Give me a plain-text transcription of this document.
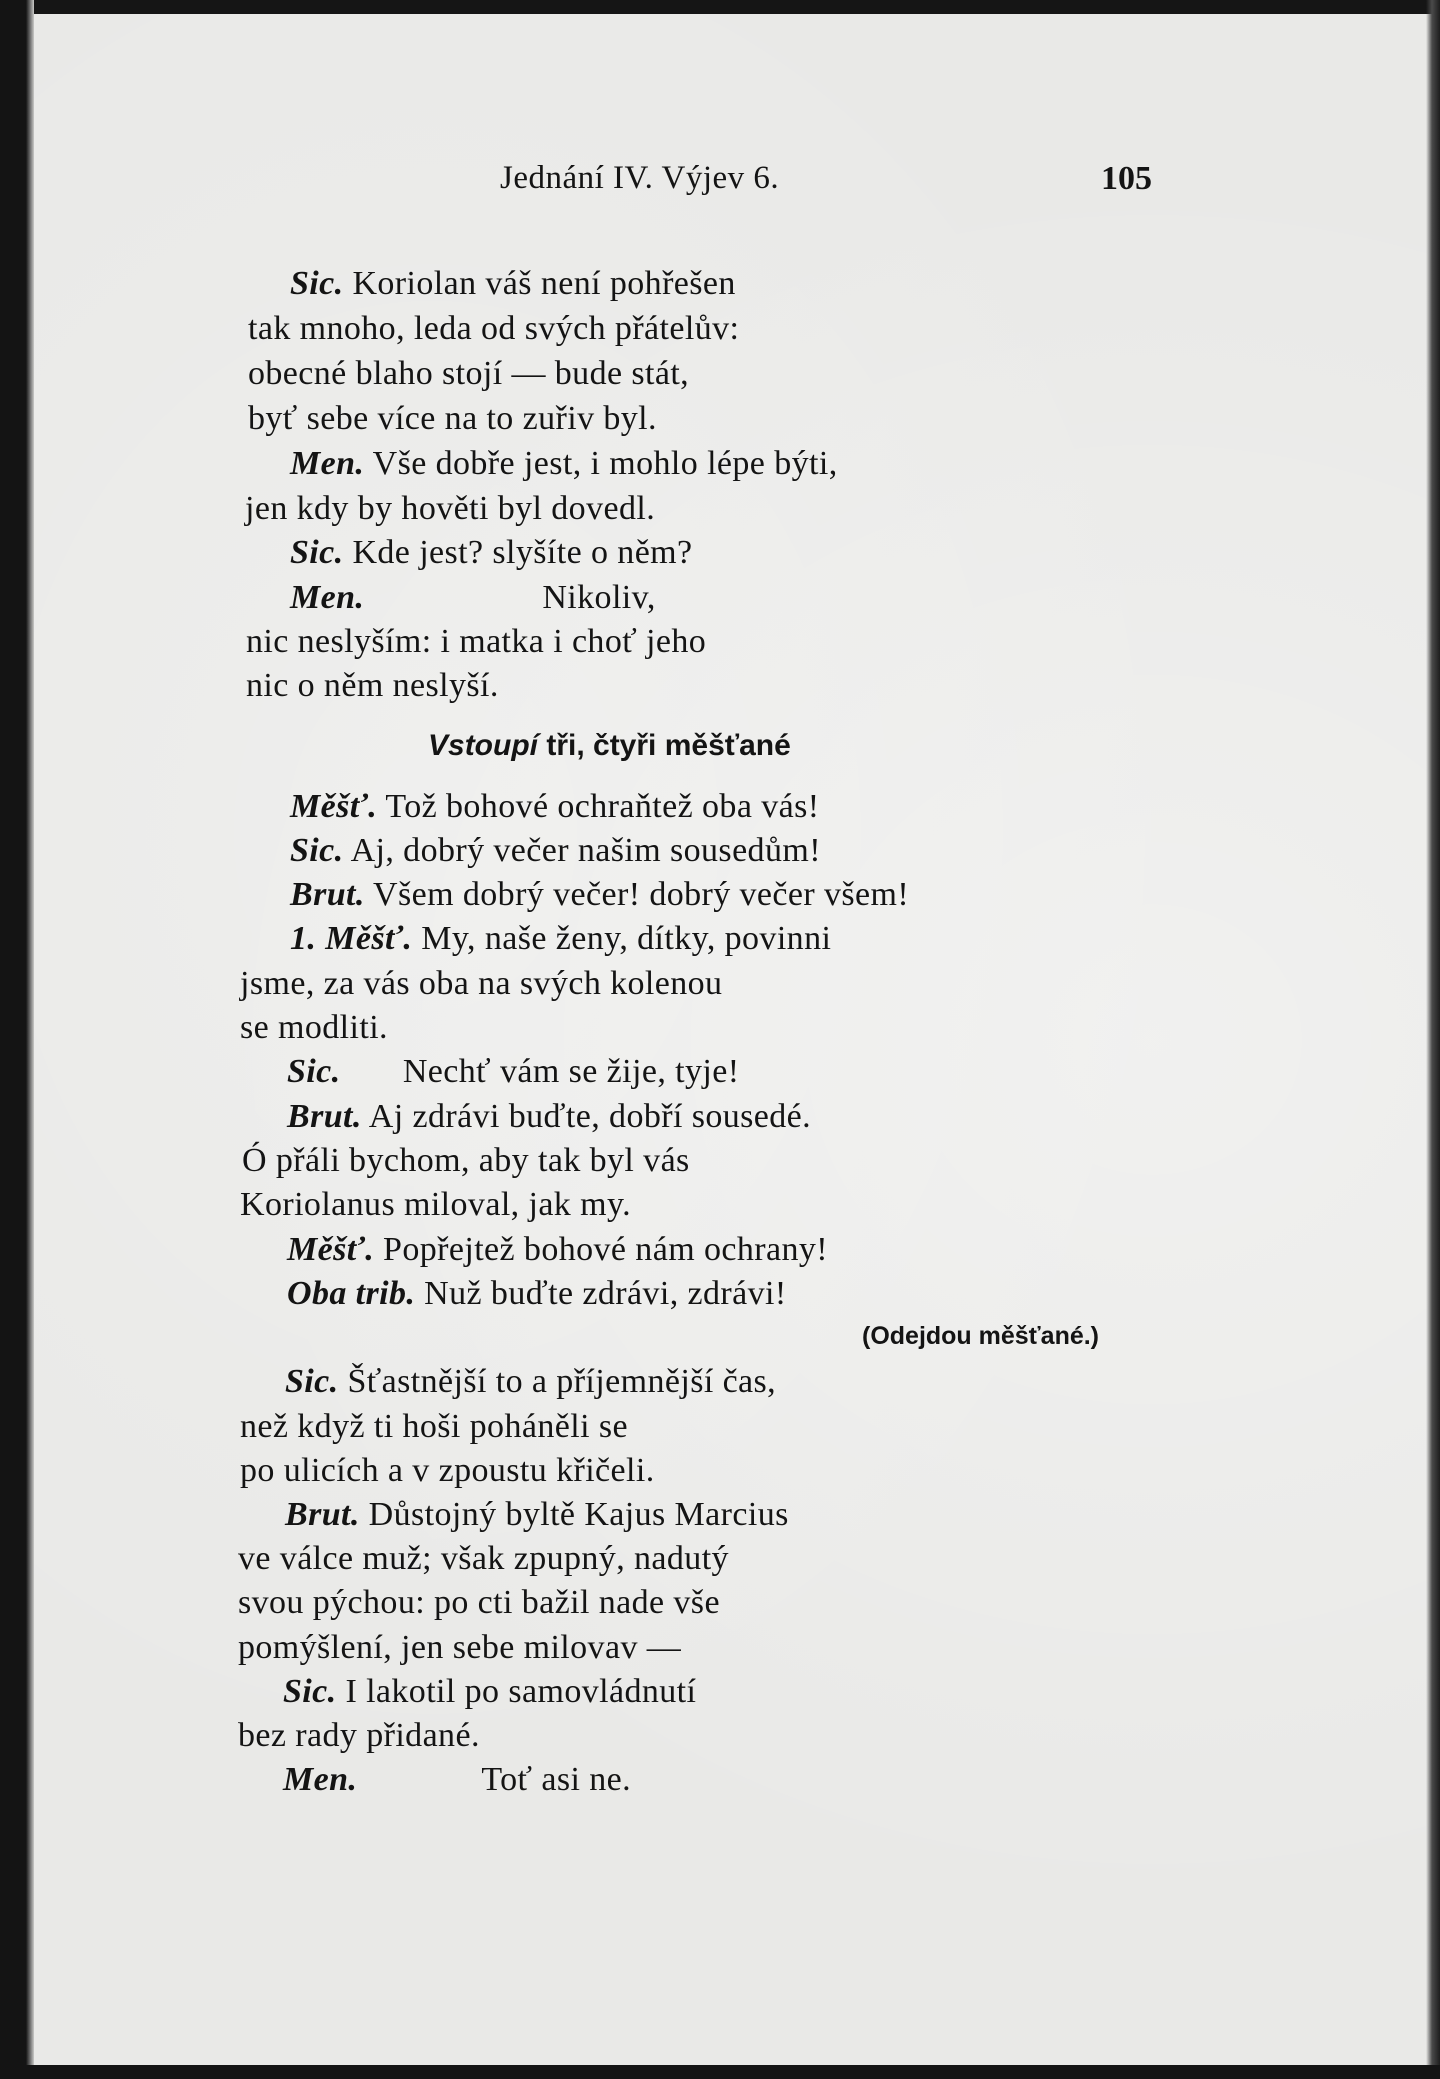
Jednání IV. Výjev 6.	105
Sic. Koriolan váš není pohřešen
tak mnoho, leda od svých přátelův:
obecné blaho stojí — bude stát,
byť sebe více na to zuřiv byl.
Men. Vše dobře jest, i mohlo lépe býti,
jen kdy by hověti byl dovedl.
Sic. Kde jest? slyšíte o něm?
Men.                    Nikoliv,
nic neslyším: i matka i choť jeho
nic o něm neslyší.
Vstoupí tři, čtyři měšťané
Měšť. Tož bohové ochraňtež oba vás!
Sic. Aj, dobrý večer našim sousedům!
Brut. Všem dobrý večer! dobrý večer všem!
1. Měšť. My, naše ženy, dítky, povinni
jsme, za vás oba na svých kolenou
se modliti.
Sic.       Nechť vám se žije, tyje!
Brut. Aj zdrávi buďte, dobří sousedé.
Ó přáli bychom, aby tak byl vás
Koriolanus miloval, jak my.
Měšť. Popřejtež bohové nám ochrany!
Oba trib. Nuž buďte zdrávi, zdrávi!
(Odejdou měšťané.)
Sic. Šťastnější to a příjemnější čas,
než když ti hoši poháněli se
po ulicích a v zpoustu křičeli.
Brut. Důstojný byltě Kajus Marcius
ve válce muž; však zpupný, nadutý
svou pýchou: po cti bažil nade vše
pomýšlení, jen sebe milovav —
Sic. I lakotil po samovládnutí
bez rady přidané.
Men.              Toť asi ne.
